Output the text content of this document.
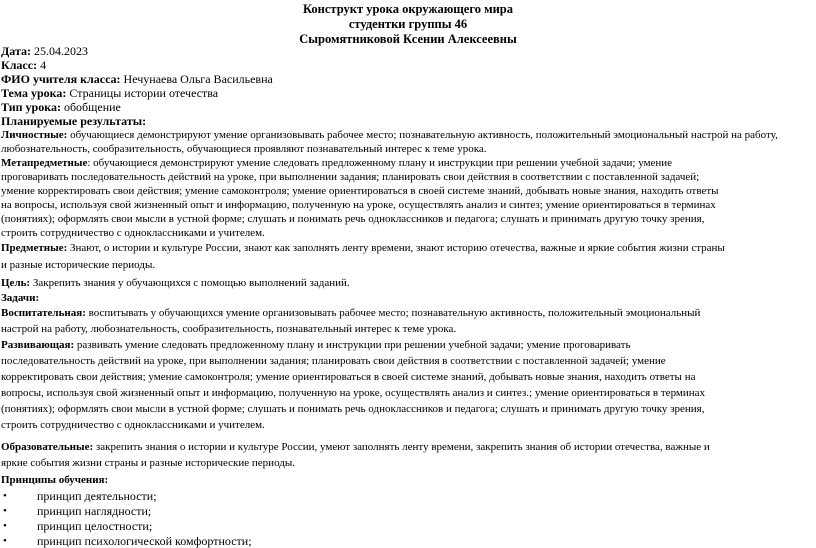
Конструкт урока окружающего мира
студентки группы 46
Сыромятниковой Ксении Алексеевны
Дата: 25.04.2023
Класс: 4
ФИО учителя класса: Нечунаева Ольга Васильевна
Тема урока: Страницы истории отечества
Тип урока: обобщение
Планируемые результаты:
Личностные: обучающиеся демонстрируют умение организовывать рабочее место; познавательную активность, положительный эмоциональный настрой на работу,
любознательность, сообразительность, обучающиеся проявляют познавательный интерес к теме урока.
Метапредметные: обучающиеся демонстрируют умение следовать предложенному плану и инструкции при решении учебной задачи; умение
проговаривать последовательность действий на уроке, при выполнении задания; планировать свои действия в соответствии с поставленной задачей;
умение корректировать свои действия; умение самоконтроля; умение ориентироваться в своей системе знаний, добывать новые знания, находить ответы
на вопросы, используя свой жизненный опыт и информацию, полученную на уроке, осуществлять анализ и синтез; умение ориентироваться в терминах
(понятиях); оформлять свои мысли в устной форме; слушать и понимать речь одноклассников и педагога; слушать и принимать другую точку зрения,
строить сотрудничество с одноклассниками и учителем.
Предметные: Знают, о истории и культуре России, знают как заполнять ленту времени, знают историю отечества, важные и яркие события жизни страны
и разные исторические периоды.
Цель: Закрепить знания у обучающихся с помощью выполнений заданий.
Задачи:
Воспитательная: воспитывать у обучающихся умение организовывать рабочее место; познавательную активность, положительный эмоциональный
настрой на работу, любознательность, сообразительность, познавательный интерес к теме урока.
Развивающая: развивать умение следовать предложенному плану и инструкции при решении учебной задачи; умение проговаривать
последовательность действий на уроке, при выполнении задания; планировать свои действия в соответствии с поставленной задачей; умение
корректировать свои действия; умение самоконтроля; умение ориентироваться в своей системе знаний, добывать новые знания, находить ответы на
вопросы, используя свой жизненный опыт и информацию, полученную на уроке, осуществлять анализ и синтез.; умение ориентироваться в терминах
(понятиях); оформлять свои мысли в устной форме; слушать и понимать речь одноклассников и педагога; слушать и принимать другую точку зрения,
строить сотрудничество с одноклассниками и учителем.
Образовательные: закрепить знания о истории и культуре России, умеют заполнять ленту времени, закрепить знания об истории отечества, важные и
яркие события жизни страны и разные исторические периоды.
Принципы обучения:
•	принцип деятельности;
•	принцип наглядности;
•	принцип целостности;
•	принцип психологической комфортности;
